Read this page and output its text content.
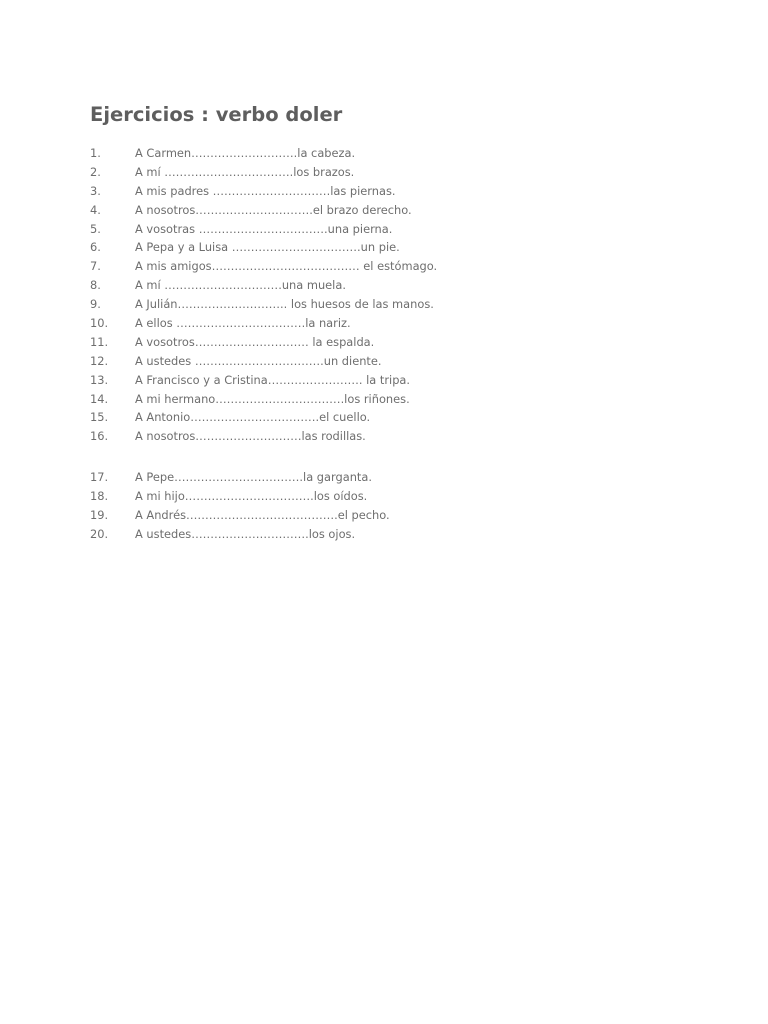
Ejercicios : verbo doler
1.	A Carmen……………………….la cabeza.
2.	A mí …………………………….los brazos.
3.	A mis padres ………………………….las piernas.
4.	A nosotros………………………….el brazo derecho.
5.	A vosotras …………………………….una pierna.
6.	A Pepa y a Luisa …………………………….un pie.
7.	A mis amigos………………………………… el estómago.
8.	A mí ………………………….una muela.
9.	A Julián……………………….. los huesos de las manos.
10.	A ellos …………………………….la nariz.
11.	A vosotros………………………… la espalda.
12.	A ustedes …………………………….un diente.
13.	A Francisco y a Cristina……………………. la tripa.
14.	A mi hermano…………………………….los riñones.
15.	A Antonio…………………………….el cuello.
16.	A nosotros……………………….las rodillas.
17.	A Pepe…………………………….la garganta.
18.	A mi hijo…………………………….los oídos.
19.	A Andrés………………………………….el pecho.
20.	A ustedes………………………….los ojos.
